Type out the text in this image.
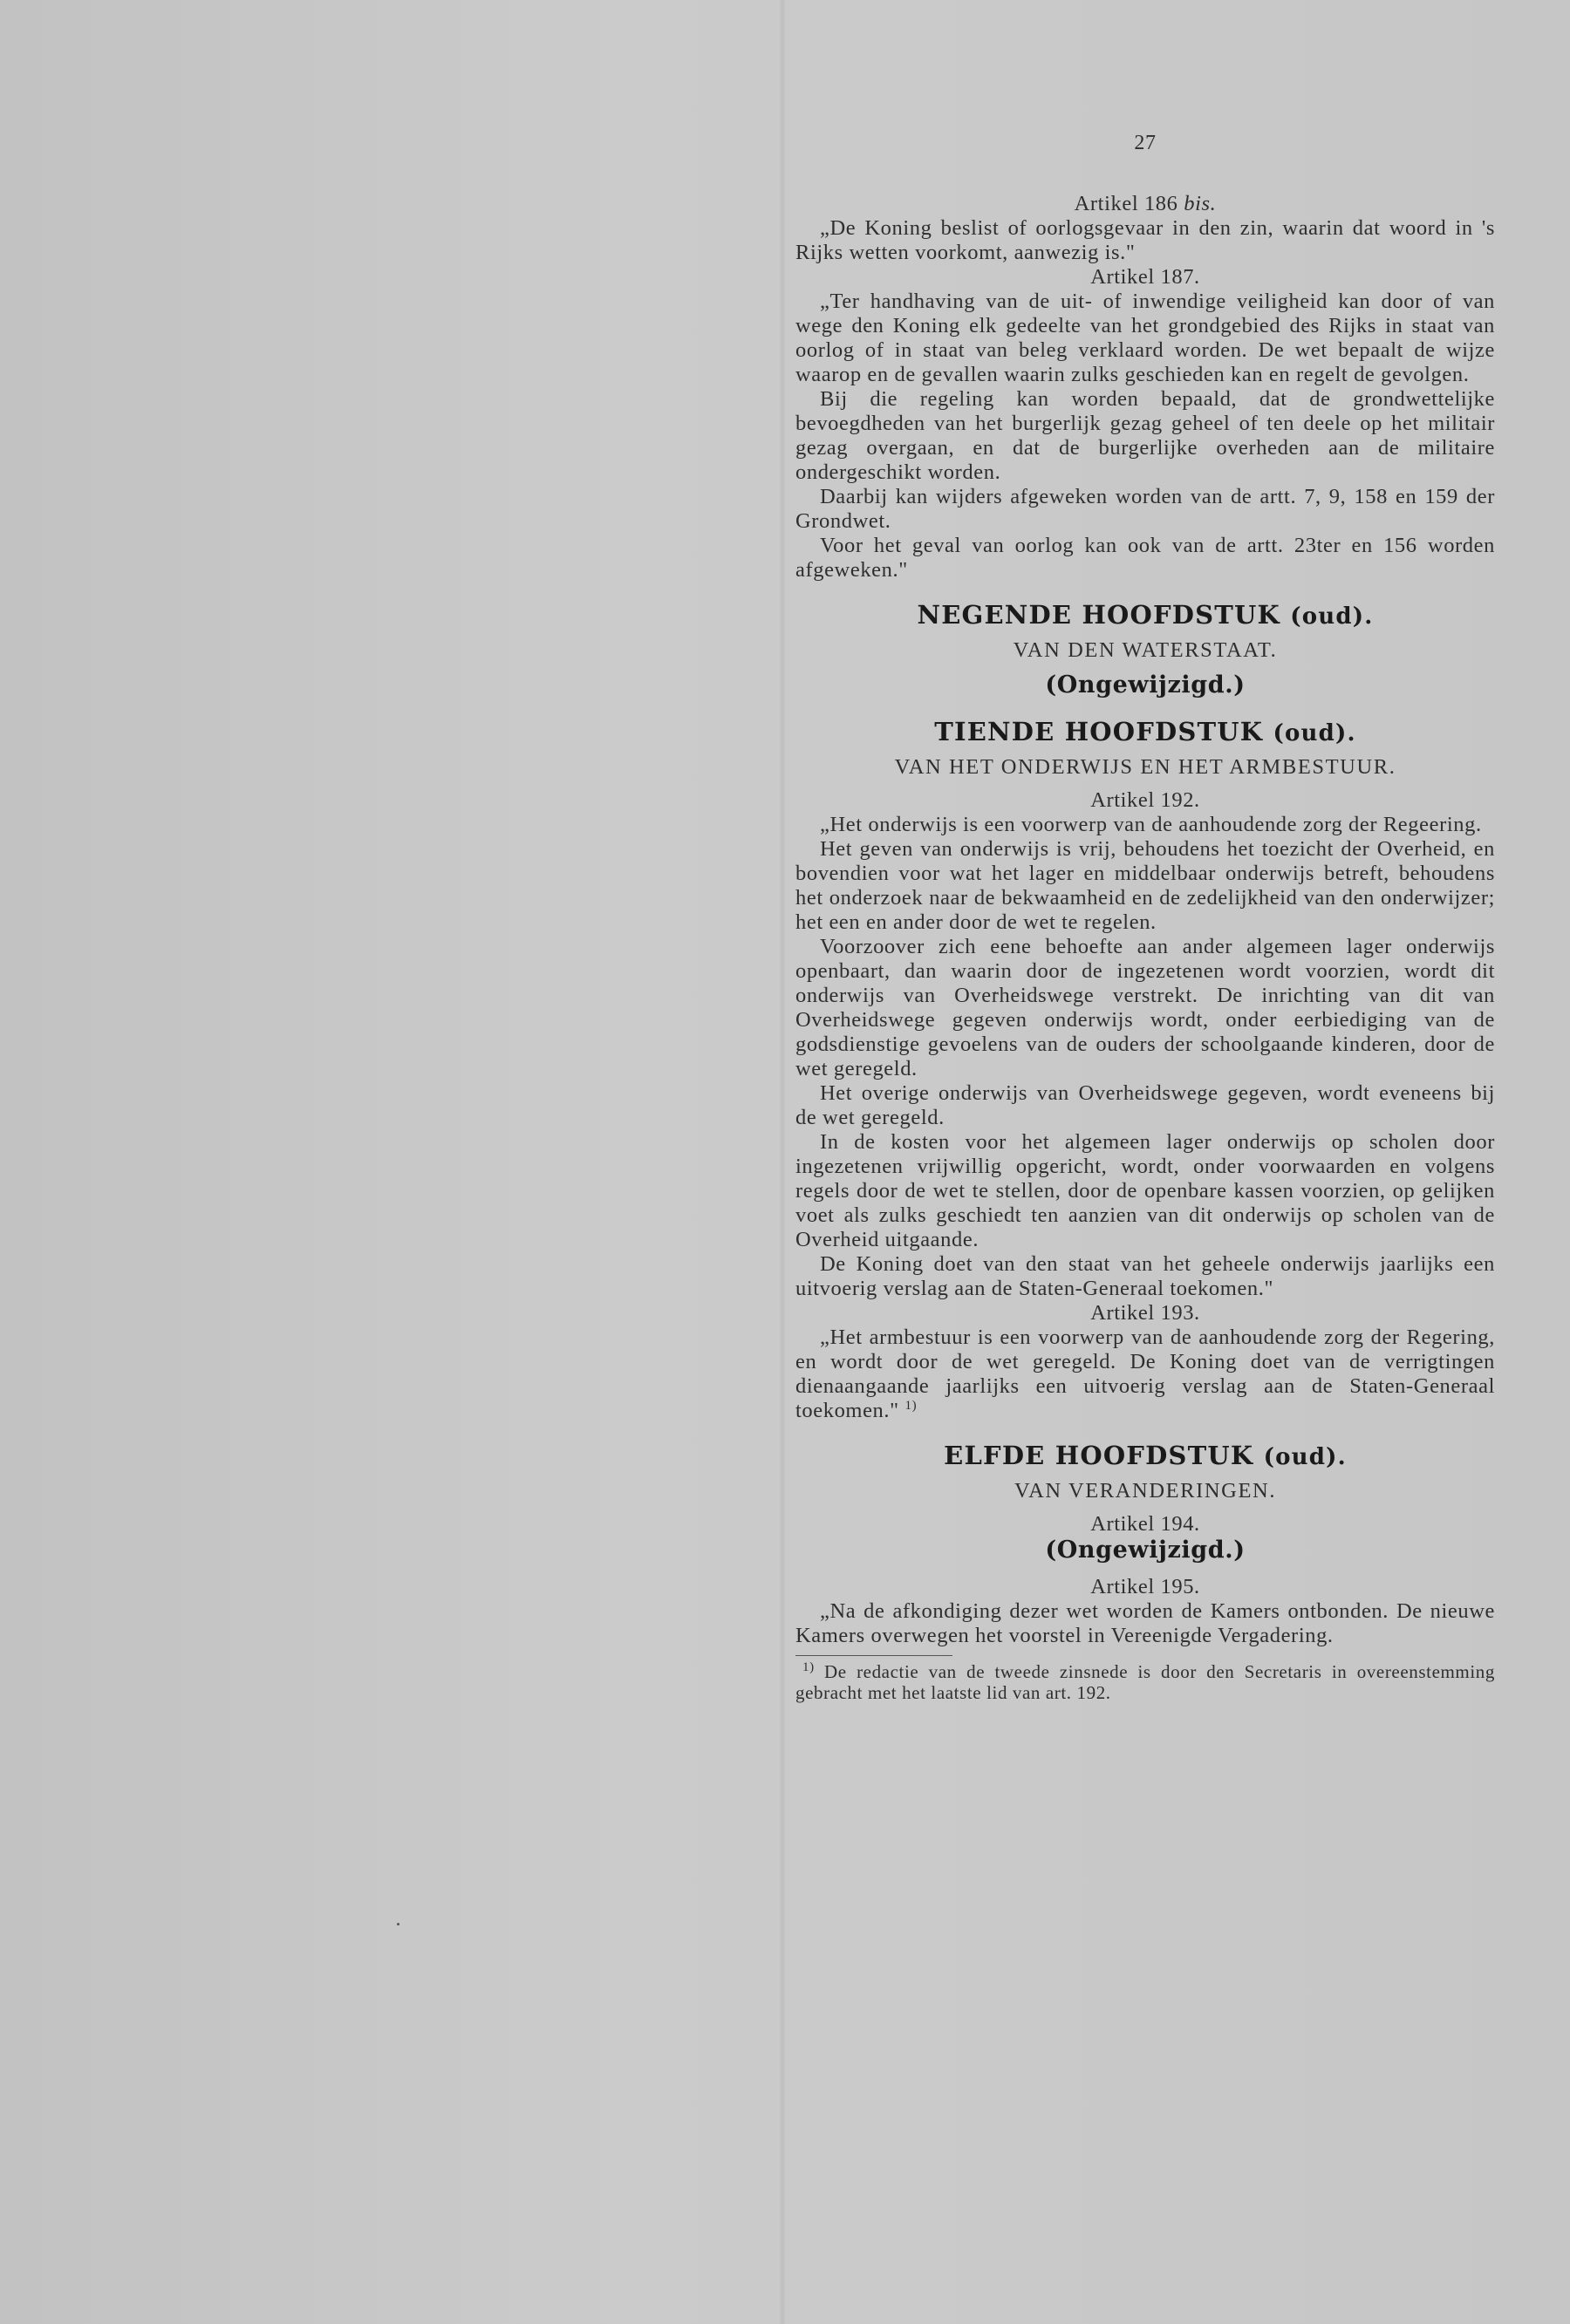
27
Artikel 186 bis.
„De Koning beslist of oorlogsgevaar in den zin, waarin dat woord in 's Rijks wetten voorkomt, aanwezig is."
Artikel 187.
„Ter handhaving van de uit- of inwendige veiligheid kan door of van wege den Koning elk gedeelte van het grondgebied des Rijks in staat van oorlog of in staat van beleg verklaard worden. De wet bepaalt de wijze waarop en de gevallen waarin zulks geschieden kan en regelt de gevolgen.
Bij die regeling kan worden bepaald, dat de grondwettelijke bevoegdheden van het burgerlijk gezag geheel of ten deele op het militair gezag overgaan, en dat de burgerlijke overheden aan de militaire ondergeschikt worden.
Daarbij kan wijders afgeweken worden van de artt. 7, 9, 158 en 159 der Grondwet.
Voor het geval van oorlog kan ook van de artt. 23ter en 156 worden afgeweken."
NEGENDE HOOFDSTUK (oud).
VAN DEN WATERSTAAT.
(Ongewijzigd.)
TIENDE HOOFDSTUK (oud).
VAN HET ONDERWIJS EN HET ARMBESTUUR.
Artikel 192.
„Het onderwijs is een voorwerp van de aanhoudende zorg der Regeering.
Het geven van onderwijs is vrij, behoudens het toezicht der Overheid, en bovendien voor wat het lager en middelbaar onderwijs betreft, behoudens het onderzoek naar de bekwaamheid en de zedelijkheid van den onderwijzer; het een en ander door de wet te regelen.
Voorzoover zich eene behoefte aan ander algemeen lager onderwijs openbaart, dan waarin door de ingezetenen wordt voorzien, wordt dit onderwijs van Overheidswege verstrekt. De inrichting van dit van Overheidswege gegeven onderwijs wordt, onder eerbiediging van de godsdienstige gevoelens van de ouders der schoolgaande kinderen, door de wet geregeld.
Het overige onderwijs van Overheidswege gegeven, wordt eveneens bij de wet geregeld.
In de kosten voor het algemeen lager onderwijs op scholen door ingezetenen vrijwillig opgericht, wordt, onder voorwaarden en volgens regels door de wet te stellen, door de openbare kassen voorzien, op gelijken voet als zulks geschiedt ten aanzien van dit onderwijs op scholen van de Overheid uitgaande.
De Koning doet van den staat van het geheele onderwijs jaarlijks een uitvoerig verslag aan de Staten-Generaal toekomen."
Artikel 193.
„Het armbestuur is een voorwerp van de aanhoudende zorg der Regering, en wordt door de wet geregeld. De Koning doet van de verrigtingen dienaangaande jaarlijks een uitvoerig verslag aan de Staten-Generaal toekomen." $^{1)}$
ELFDE HOOFDSTUK (oud).
VAN VERANDERINGEN.
Artikel 194.
(Ongewijzigd.)
Artikel 195.
„Na de afkondiging dezer wet worden de Kamers ontbonden. De nieuwe Kamers overwegen het voorstel in Vereenigde Vergadering.
$^{1)}$ De redactie van de tweede zinsnede is door den Secretaris in overeenstemming gebracht met het laatste lid van art. 192.
